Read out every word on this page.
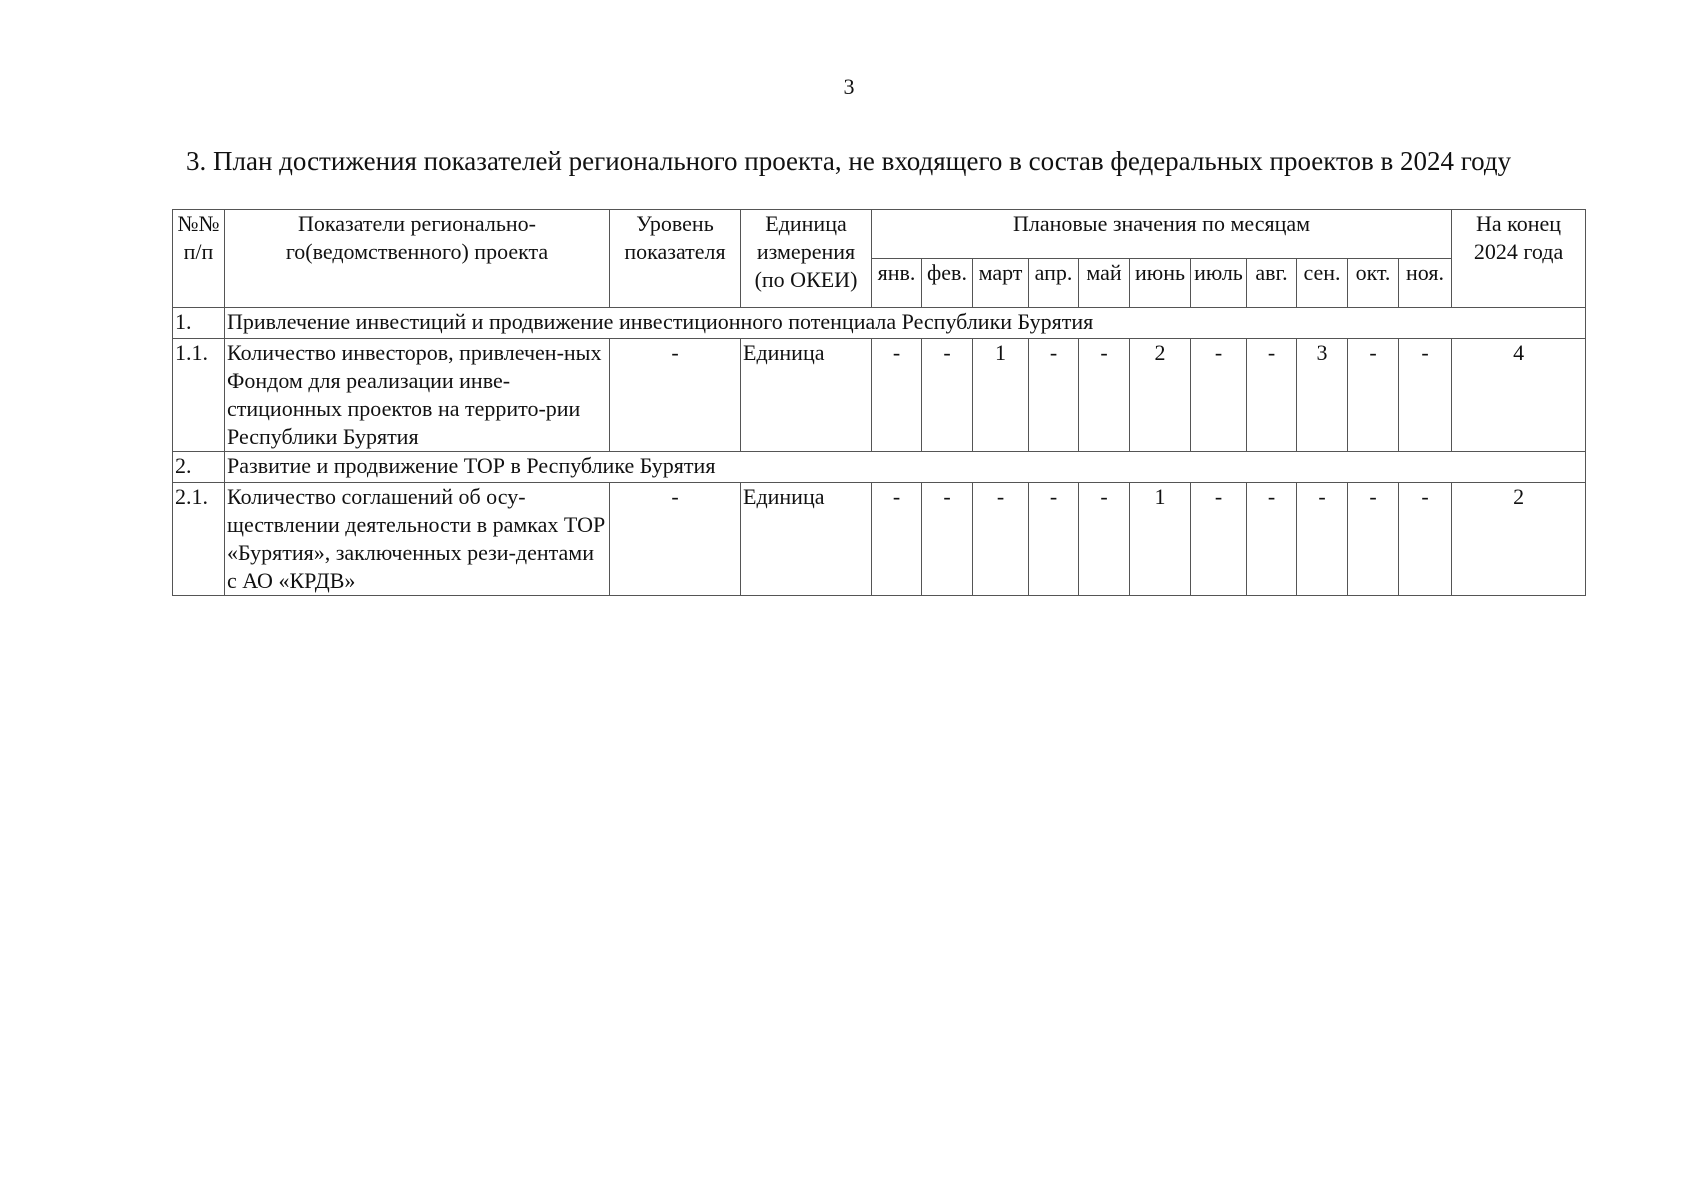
3
3. План достижения показателей регионального проекта, не входящего в состав федеральных проектов в 2024 году
№№ п/п	Показатели регионально-го(ведомственного) проекта	Уровень показателя	Единица измерения (по ОКЕИ)	Плановые значения по месяцам											На конец 2024 года
				янв.	фев.	март	апр.	май	июнь	июль	авг.	сен.	окт.	ноя.	
1.	Привлечение инвестиций и продвижение инвестиционного потенциала Республики Бурятия														
1.1.	Количество инвесторов, привлечен-ных Фондом для реализации инве-стиционных проектов на террито-рии Республики Бурятия	-	Единица	-	-	1	-	-	2	-	-	3	-	-	4
2.	Развитие и продвижение ТОР в Республике Бурятия														
2.1.	Количество соглашений об осу-ществлении деятельности в рамках ТОР «Бурятия», заключенных рези-дентами с АО «КРДВ»	-	Единица	-	-	-	-	-	1	-	-	-	-	-	2
